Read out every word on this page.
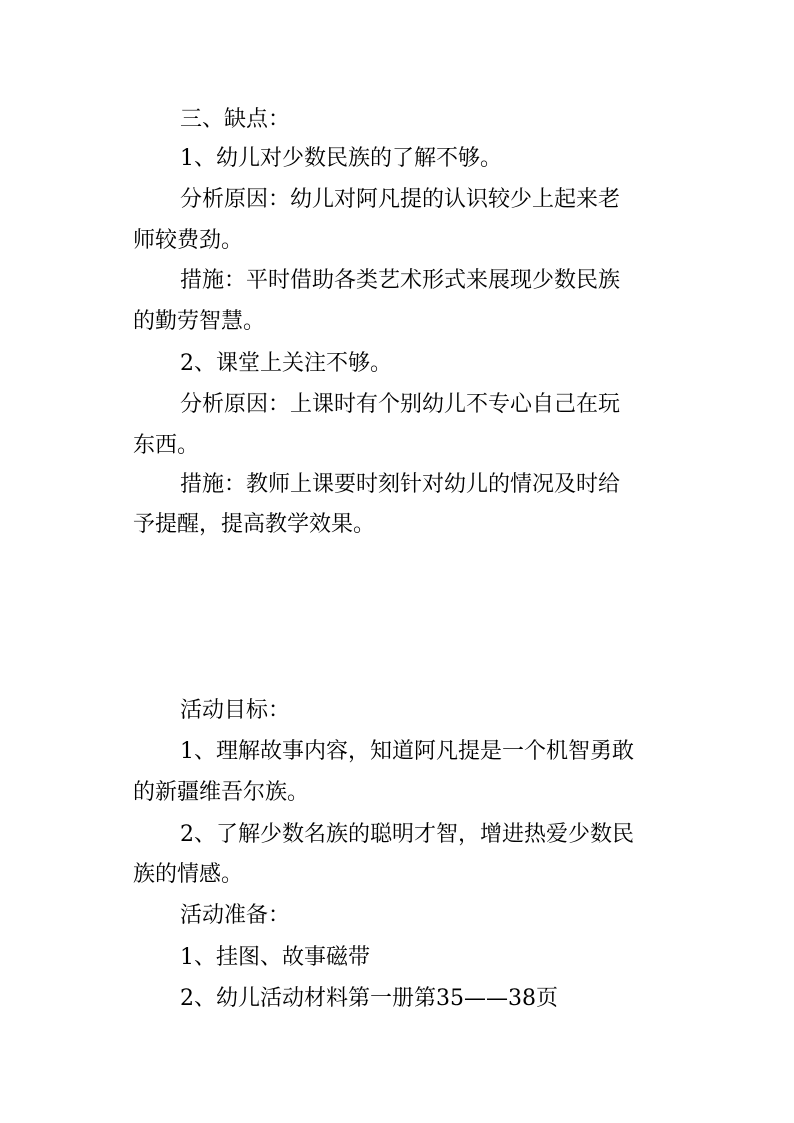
三、缺点：

1、幼儿对少数民族的了解不够。

分析原因：幼儿对阿凡提的认识较少上起来老

师较费劲。

措施：平时借助各类艺术形式来展现少数民族

的勤劳智慧。

2、课堂上关注不够。

分析原因：上课时有个别幼儿不专心自己在玩

东西。

措施：教师上课要时刻针对幼儿的情况及时给

予提醒，提高教学效果。

活动目标：

1、理解故事内容，知道阿凡提是一个机智勇敢

的新疆维吾尔族。

2、了解少数名族的聪明才智，增进热爱少数民

族的情感。

活动准备：

1、挂图、故事磁带

2、幼儿活动材料第一册第35——38页
